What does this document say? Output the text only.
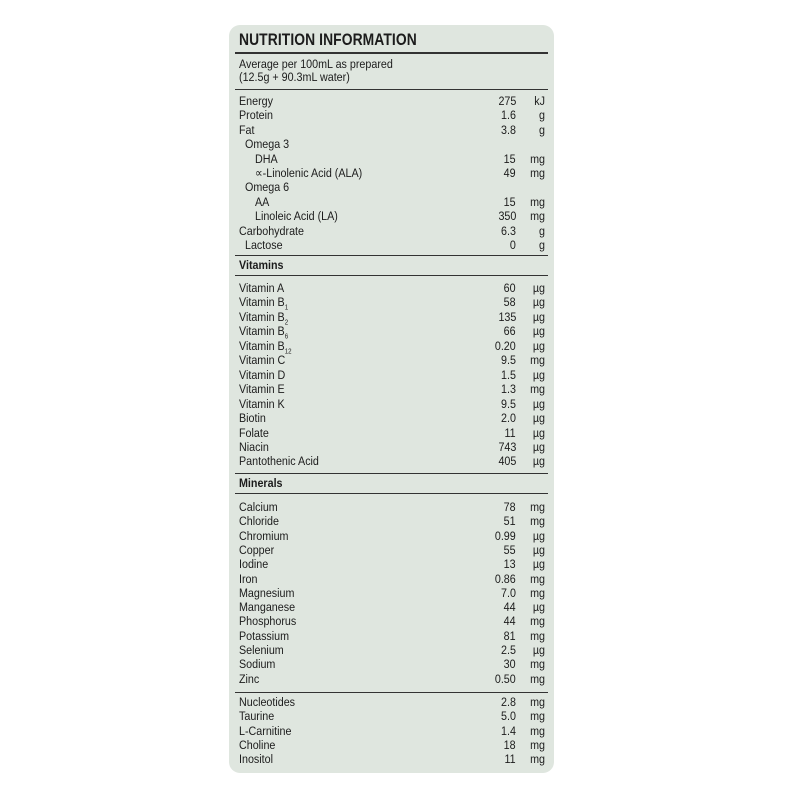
NUTRITION INFORMATION
Average per 100mL as prepared
(12.5g + 90.3mL water)
Energy	275	kJ
Protein	1.6	g
Fat	3.8	g
Omega 3
DHA	15	mg
∝-Linolenic Acid (ALA)	49	mg
Omega 6
AA	15	mg
Linoleic Acid (LA)	350	mg
Carbohydrate	6.3	g
Lactose	0	g
Vitamins
Vitamin A	60	µg
Vitamin $B_1$	58	µg
Vitamin $B_2$	135	µg
Vitamin $B_6$	66	µg
Vitamin $B_{12}$	0.20	µg
Vitamin C	9.5	mg
Vitamin D	1.5	µg
Vitamin E	1.3	mg
Vitamin K	9.5	µg
Biotin	2.0	µg
Folate	11	µg
Niacin	743	µg
Pantothenic Acid	405	µg
Minerals
Calcium	78	mg
Chloride	51	mg
Chromium	0.99	µg
Copper	55	µg
Iodine	13	µg
Iron	0.86	mg
Magnesium	7.0	mg
Manganese	44	µg
Phosphorus	44	mg
Potassium	81	mg
Selenium	2.5	µg
Sodium	30	mg
Zinc	0.50	mg
Nucleotides	2.8	mg
Taurine	5.0	mg
L-Carnitine	1.4	mg
Choline	18	mg
Inositol	11	mg
